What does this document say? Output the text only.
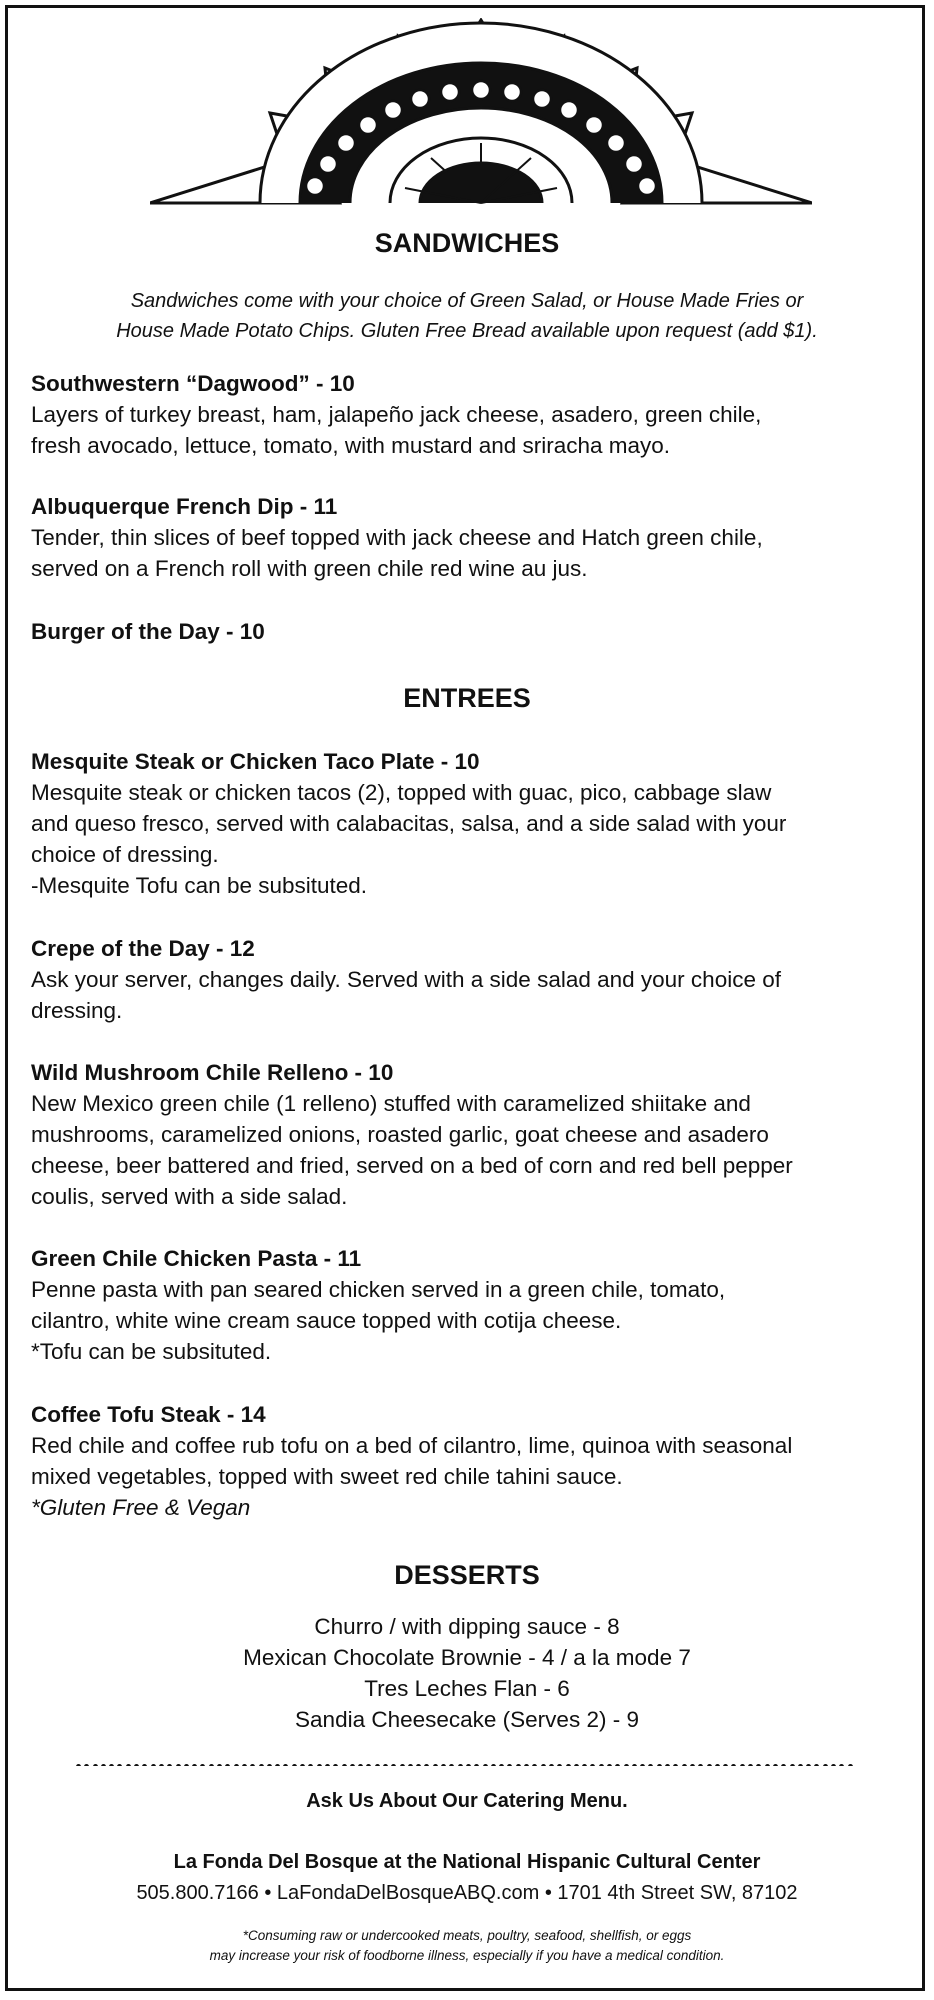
SANDWICHES
Sandwiches come with your choice of Green Salad, or House Made Fries or
House Made Potato Chips. Gluten Free Bread available upon request (add $1).
Southwestern “Dagwood” - 10
Layers of turkey breast, ham, jalapeño jack cheese, asadero, green chile,
fresh avocado, lettuce, tomato, with mustard and sriracha mayo.
Albuquerque French Dip - 11
Tender, thin slices of beef topped with jack cheese and Hatch green chile,
served on a French roll with green chile red wine au jus.
Burger of the Day - 10
ENTREES
Mesquite Steak or Chicken Taco Plate - 10
Mesquite steak or chicken tacos (2), topped with guac, pico, cabbage slaw
and queso fresco, served with calabacitas, salsa, and a side salad with your
choice of dressing.
-Mesquite Tofu can be subsituted.
Crepe of the Day - 12
Ask your server, changes daily. Served with a side salad and your choice of
dressing.
Wild Mushroom Chile Relleno - 10
New Mexico green chile (1 relleno) stuffed with caramelized shiitake and
mushrooms, caramelized onions, roasted garlic, goat cheese and asadero
cheese, beer battered and fried, served on a bed of corn and red bell pepper
coulis, served with a side salad.
Green Chile Chicken Pasta - 11
Penne pasta with pan seared chicken served in a green chile, tomato,
cilantro, white wine cream sauce topped with cotija cheese.
*Tofu can be subsituted.
Coffee Tofu Steak - 14
Red chile and coffee rub tofu on a bed of cilantro, lime, quinoa with seasonal
mixed vegetables, topped with sweet red chile tahini sauce.
*Gluten Free & Vegan
DESSERTS
Churro / with dipping sauce - 8
Mexican Chocolate Brownie - 4 / a la mode 7
Tres Leches Flan - 6
Sandia Cheesecake (Serves 2) - 9
Ask Us About Our Catering Menu.
La Fonda Del Bosque at the National Hispanic Cultural Center
505.800.7166 • LaFondaDelBosqueABQ.com • 1701 4th Street SW, 87102
*Consuming raw or undercooked meats, poultry, seafood, shellfish, or eggs
may increase your risk of foodborne illness, especially if you have a medical condition.
